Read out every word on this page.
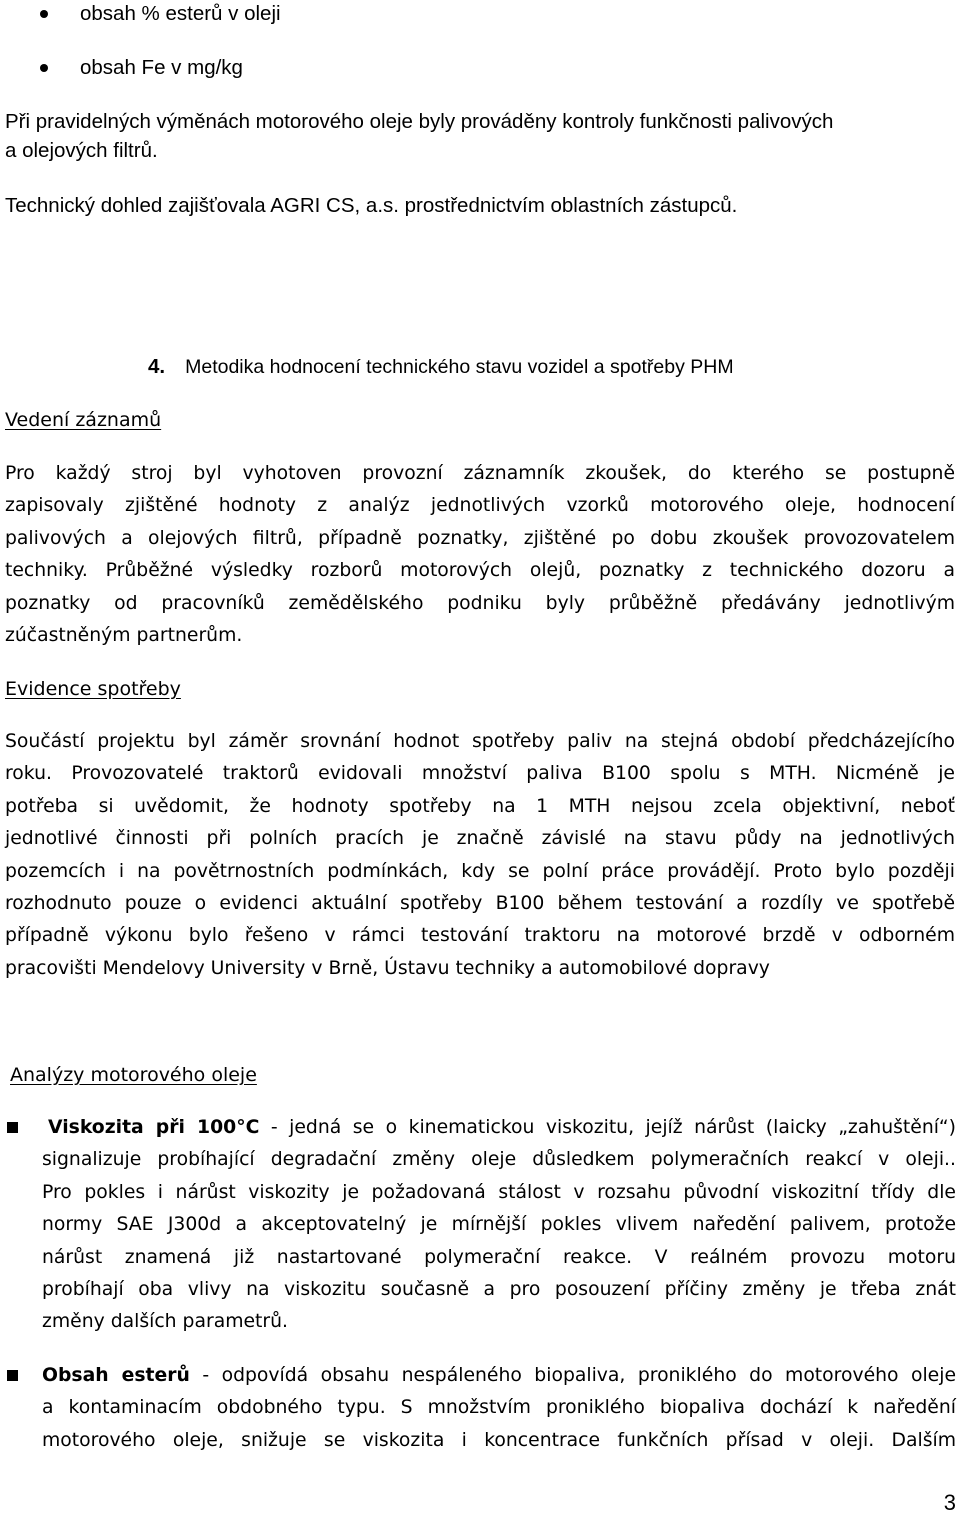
obsah % esterů v oleji
obsah Fe v mg/kg
Při pravidelných výměnách motorového oleje byly prováděny kontroly funkčnosti palivových
a olejových filtrů.
Technický dohled zajišťovala AGRI CS, a.s. prostřednictvím oblastních zástupců.
4. Metodika hodnocení technického stavu vozidel a spotřeby PHM
Vedení záznamů
Pro každý stroj byl vyhotoven provozní záznamník zkoušek, do kterého se postupně
zapisovaly zjištěné hodnoty z analýz jednotlivých vzorků motorového oleje, hodnocení
palivových a olejových filtrů, případně poznatky, zjištěné po dobu zkoušek provozovatelem
techniky. Průběžné výsledky rozborů motorových olejů, poznatky z technického dozoru a
poznatky od pracovníků zemědělského podniku byly průběžně předávány jednotlivým
zúčastněným partnerům.
Evidence spotřeby
Součástí projektu byl záměr srovnání hodnot spotřeby paliv na stejná období předcházejícího
roku. Provozovatelé traktorů evidovali množství paliva B100 spolu s MTH. Nicméně je
potřeba si uvědomit, že hodnoty spotřeby na 1 MTH nejsou zcela objektivní, neboť
jednotlivé činnosti při polních pracích je značně závislé na stavu půdy na jednotlivých
pozemcích i na povětrnostních podmínkách, kdy se polní práce provádějí. Proto bylo později
rozhodnuto pouze o evidenci aktuální spotřeby B100 během testování a rozdíly ve spotřebě
případně výkonu bylo řešeno v rámci testování traktoru na motorové brzdě v odborném
pracovišti Mendelovy University v Brně, Ústavu techniky a automobilové dopravy
Analýzy motorového oleje
Viskozita při 100°C - jedná se o kinematickou viskozitu, jejíž nárůst (laicky „zahuštění“)
signalizuje probíhající degradační změny oleje důsledkem polymeračních reakcí v oleji..
Pro pokles i nárůst viskozity je požadovaná stálost v rozsahu původní viskozitní třídy dle
normy SAE J300d a akceptovatelný je mírnější pokles vlivem naředění palivem, protože
nárůst znamená již nastartované polymerační reakce. V reálném provozu motoru
probíhají oba vlivy na viskozitu současně a pro posouzení příčiny změny je třeba znát
změny dalších parametrů.
Obsah esterů - odpovídá obsahu nespáleného biopaliva, proniklého do motorového oleje
a kontaminacím obdobného typu. S množstvím proniklého biopaliva dochází k naředění
motorového oleje, snižuje se viskozita i koncentrace funkčních přísad v oleji. Dalším
3
